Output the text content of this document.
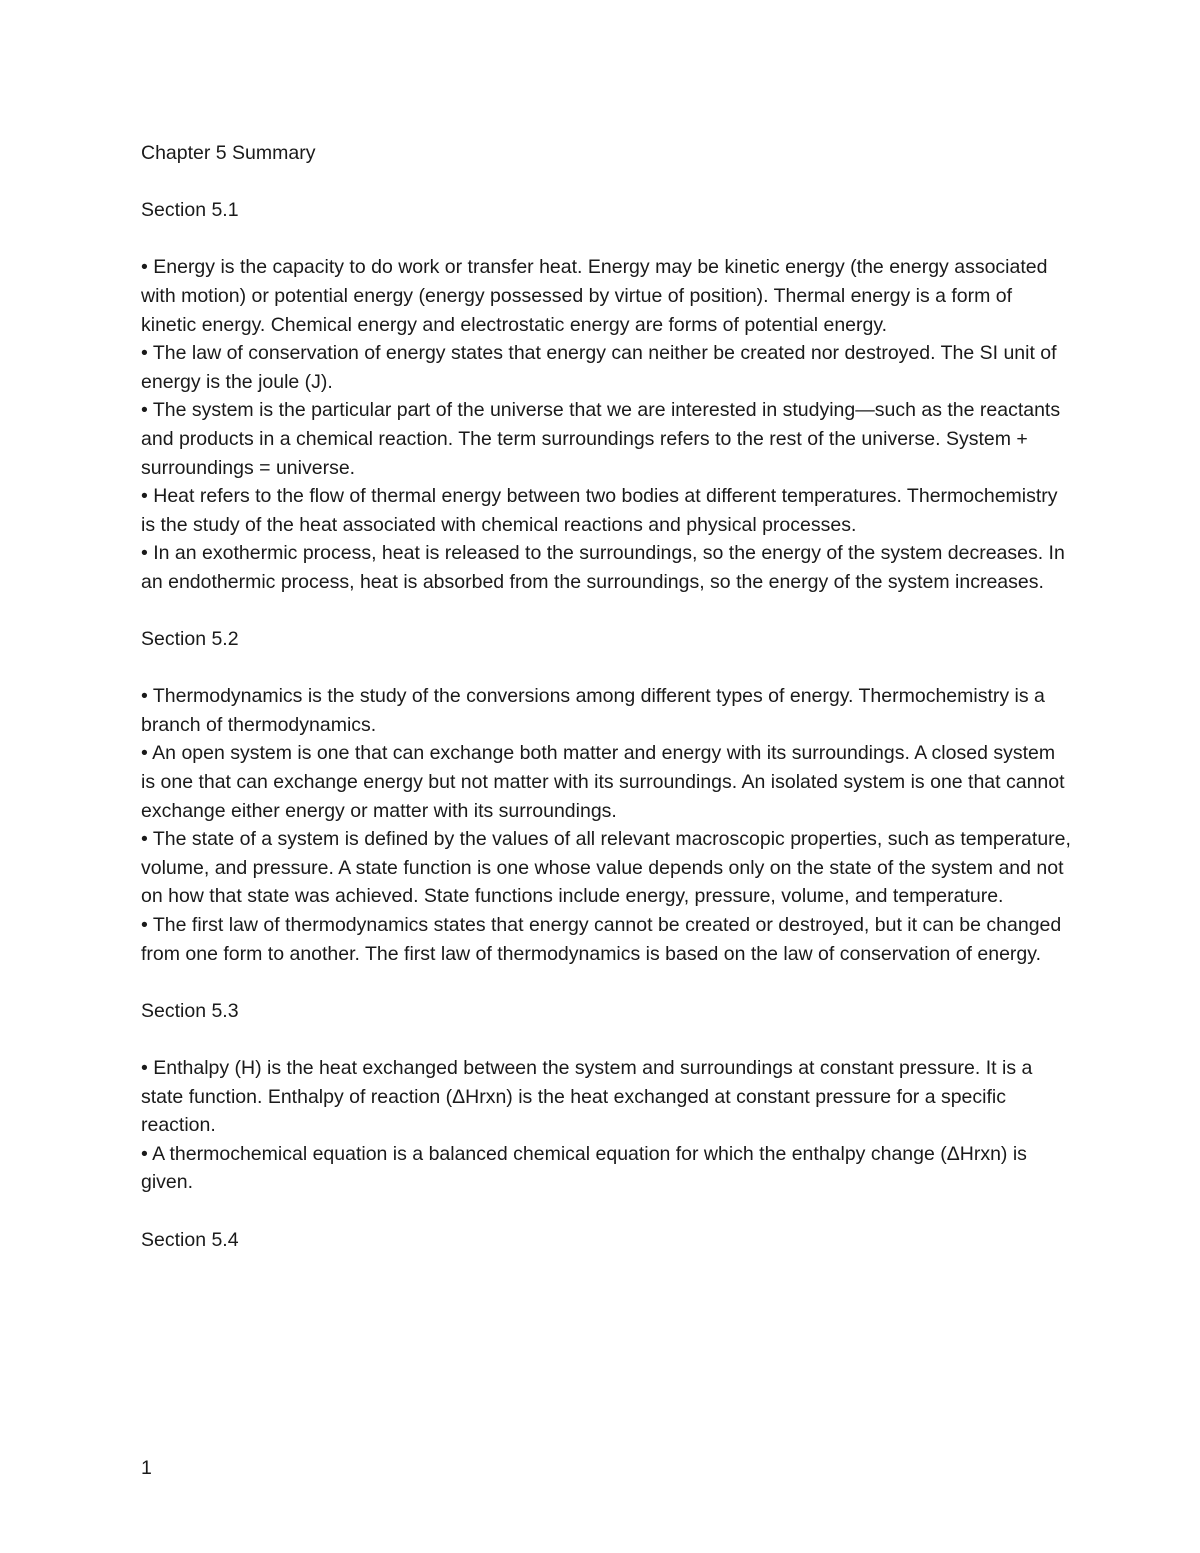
Chapter 5 Summary

Section 5.1

• Energy is the capacity to do work or transfer heat. Energy may be kinetic energy (the energy associated with motion) or potential energy (energy possessed by virtue of position). Thermal energy is a form of kinetic energy. Chemical energy and electrostatic energy are forms of potential energy.

• The law of conservation of energy states that energy can neither be created nor destroyed. The SI unit of energy is the joule (J).

• The system is the particular part of the universe that we are interested in studying—such as the reactants and products in a chemical reaction. The term surroundings refers to the rest of the universe. System + surroundings = universe.

• Heat refers to the flow of thermal energy between two bodies at different temperatures. Thermochemistry is the study of the heat associated with chemical reactions and physical processes.

• In an exothermic process, heat is released to the surroundings, so the energy of the system decreases. In an endothermic process, heat is absorbed from the surroundings, so the energy of the system increases.

Section 5.2

• Thermodynamics is the study of the conversions among different types of energy. Thermochemistry is a branch of thermodynamics.

• An open system is one that can exchange both matter and energy with its surroundings. A closed system is one that can exchange energy but not matter with its surroundings. An isolated system is one that cannot exchange either energy or matter with its surroundings.

• The state of a system is defined by the values of all relevant macroscopic properties, such as temperature, volume, and pressure. A state function is one whose value depends only on the state of the system and not on how that state was achieved. State functions include energy, pressure, volume, and temperature.

• The first law of thermodynamics states that energy cannot be created or destroyed, but it can be changed from one form to another. The first law of thermodynamics is based on the law of conservation of energy.

Section 5.3

• Enthalpy (H) is the heat exchanged between the system and surroundings at constant pressure. It is a state function. Enthalpy of reaction (ΔHrxn) is the heat exchanged at constant pressure for a specific reaction.

• A thermochemical equation is a balanced chemical equation for which the enthalpy change (ΔHrxn) is given.

Section 5.4
1
